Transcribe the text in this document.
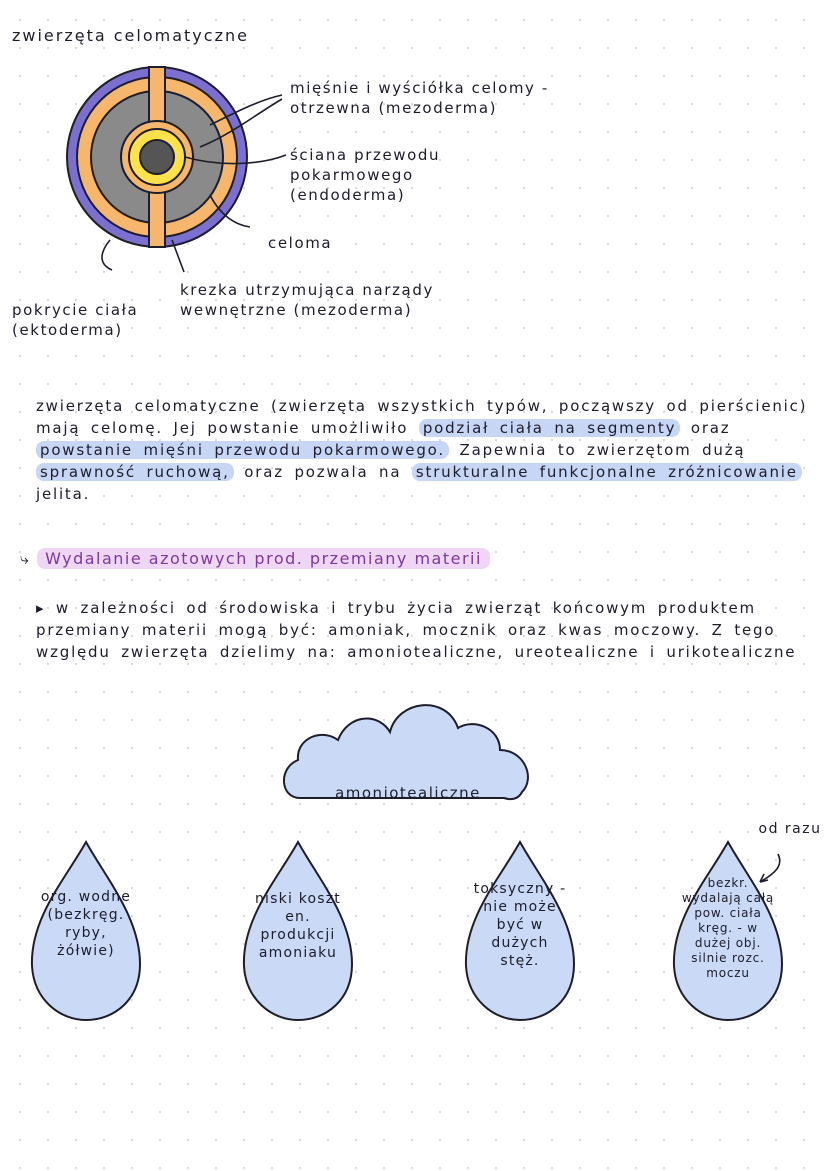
zwierzęta celomatyczne
mięśnie i wyściółka celomy - otrzewna (mezoderma)
ściana przewodu pokarmowego (endoderma)
celoma
krezka utrzymująca narządy wewnętrzne (mezoderma)
pokrycie ciała (ektoderma)
zwierzęta celomatyczne (zwierzęta wszystkich typów, począwszy od pierścienic) mają celomę. Jej powstanie umożliwiło podział ciała na segmenty oraz powstanie mięśni przewodu pokarmowego. Zapewnia to zwierzętom dużą sprawność ruchową, oraz pozwala na strukturalne funkcjonalne zróżnicowanie jelita.
⤷ Wydalanie azotowych prod. przemiany materii
▸ w zależności od środowiska i trybu życia zwierząt końcowym produktem przemiany materii mogą być: amoniak, mocznik oraz kwas moczowy. Z tego względu zwierzęta dzielimy na: amoniotealiczne, ureotealiczne i urikotealiczne
amoniotealiczne
org. wodne (bezkręg. ryby, żółwie)
niski koszt en. produkcji amoniaku
toksyczny - nie może być w dużych stęż.
bezkr. wydalają całą pow. ciała kręg. - w dużej obj. silnie rozc. moczu
od razu
